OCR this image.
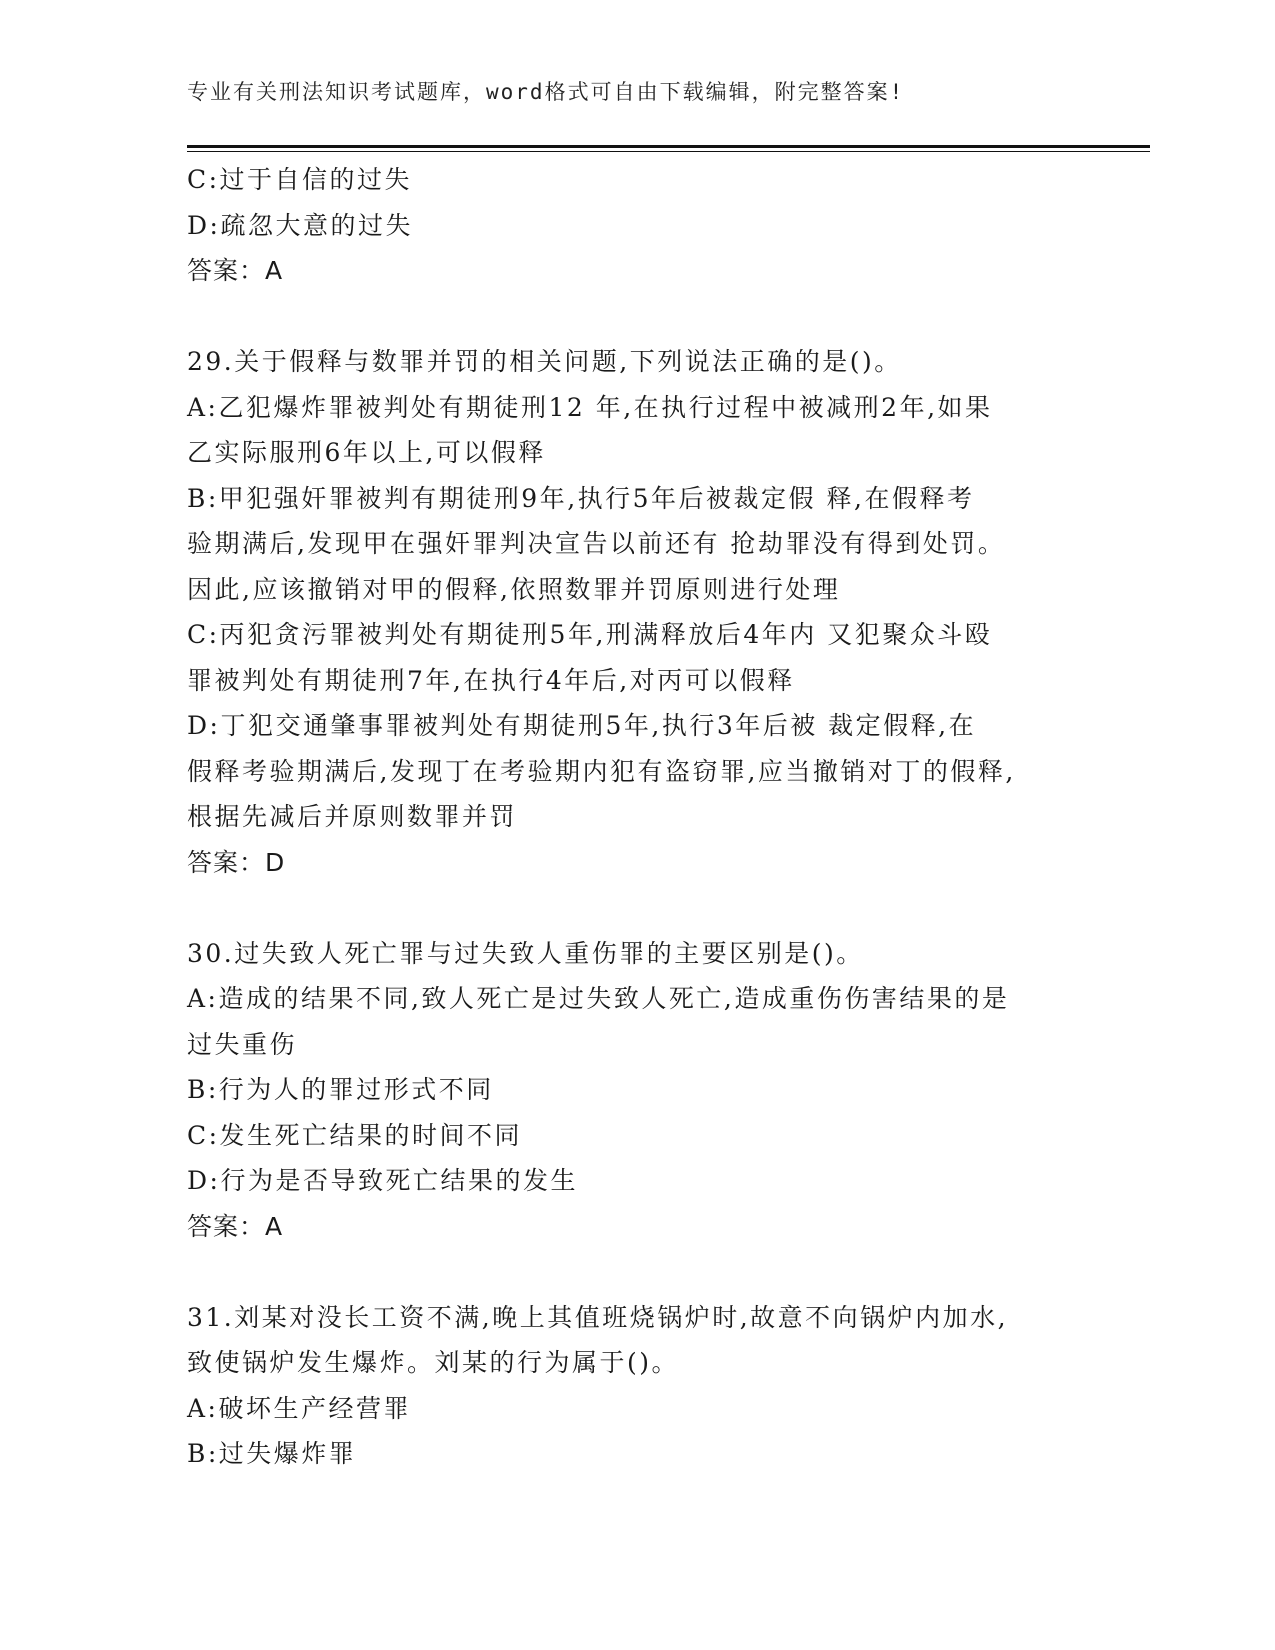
专业有关刑法知识考试题库，word格式可自由下载编辑，附完整答案!
C:过于自信的过失
D:疏忽大意的过失
答案：A
29.关于假释与数罪并罚的相关问题,下列说法正确的是()。
A:乙犯爆炸罪被判处有期徒刑12 年,在执行过程中被减刑2年,如果
乙实际服刑6年以上,可以假释
B:甲犯强奸罪被判有期徒刑9年,执行5年后被裁定假 释,在假释考
验期满后,发现甲在强奸罪判决宣告以前还有 抢劫罪没有得到处罚。
因此,应该撤销对甲的假释,依照数罪并罚原则进行处理
C:丙犯贪污罪被判处有期徒刑5年,刑满释放后4年内 又犯聚众斗殴
罪被判处有期徒刑7年,在执行4年后,对丙可以假释
D:丁犯交通肇事罪被判处有期徒刑5年,执行3年后被 裁定假释,在
假释考验期满后,发现丁在考验期内犯有盗窃罪,应当撤销对丁的假释,
根据先减后并原则数罪并罚
答案：D
30.过失致人死亡罪与过失致人重伤罪的主要区别是()。
A:造成的结果不同,致人死亡是过失致人死亡,造成重伤伤害结果的是
过失重伤
B:行为人的罪过形式不同
C:发生死亡结果的时间不同
D:行为是否导致死亡结果的发生
答案：A
31.刘某对没长工资不满,晚上其值班烧锅炉时,故意不向锅炉内加水,
致使锅炉发生爆炸。刘某的行为属于()。
A:破坏生产经营罪
B:过失爆炸罪
